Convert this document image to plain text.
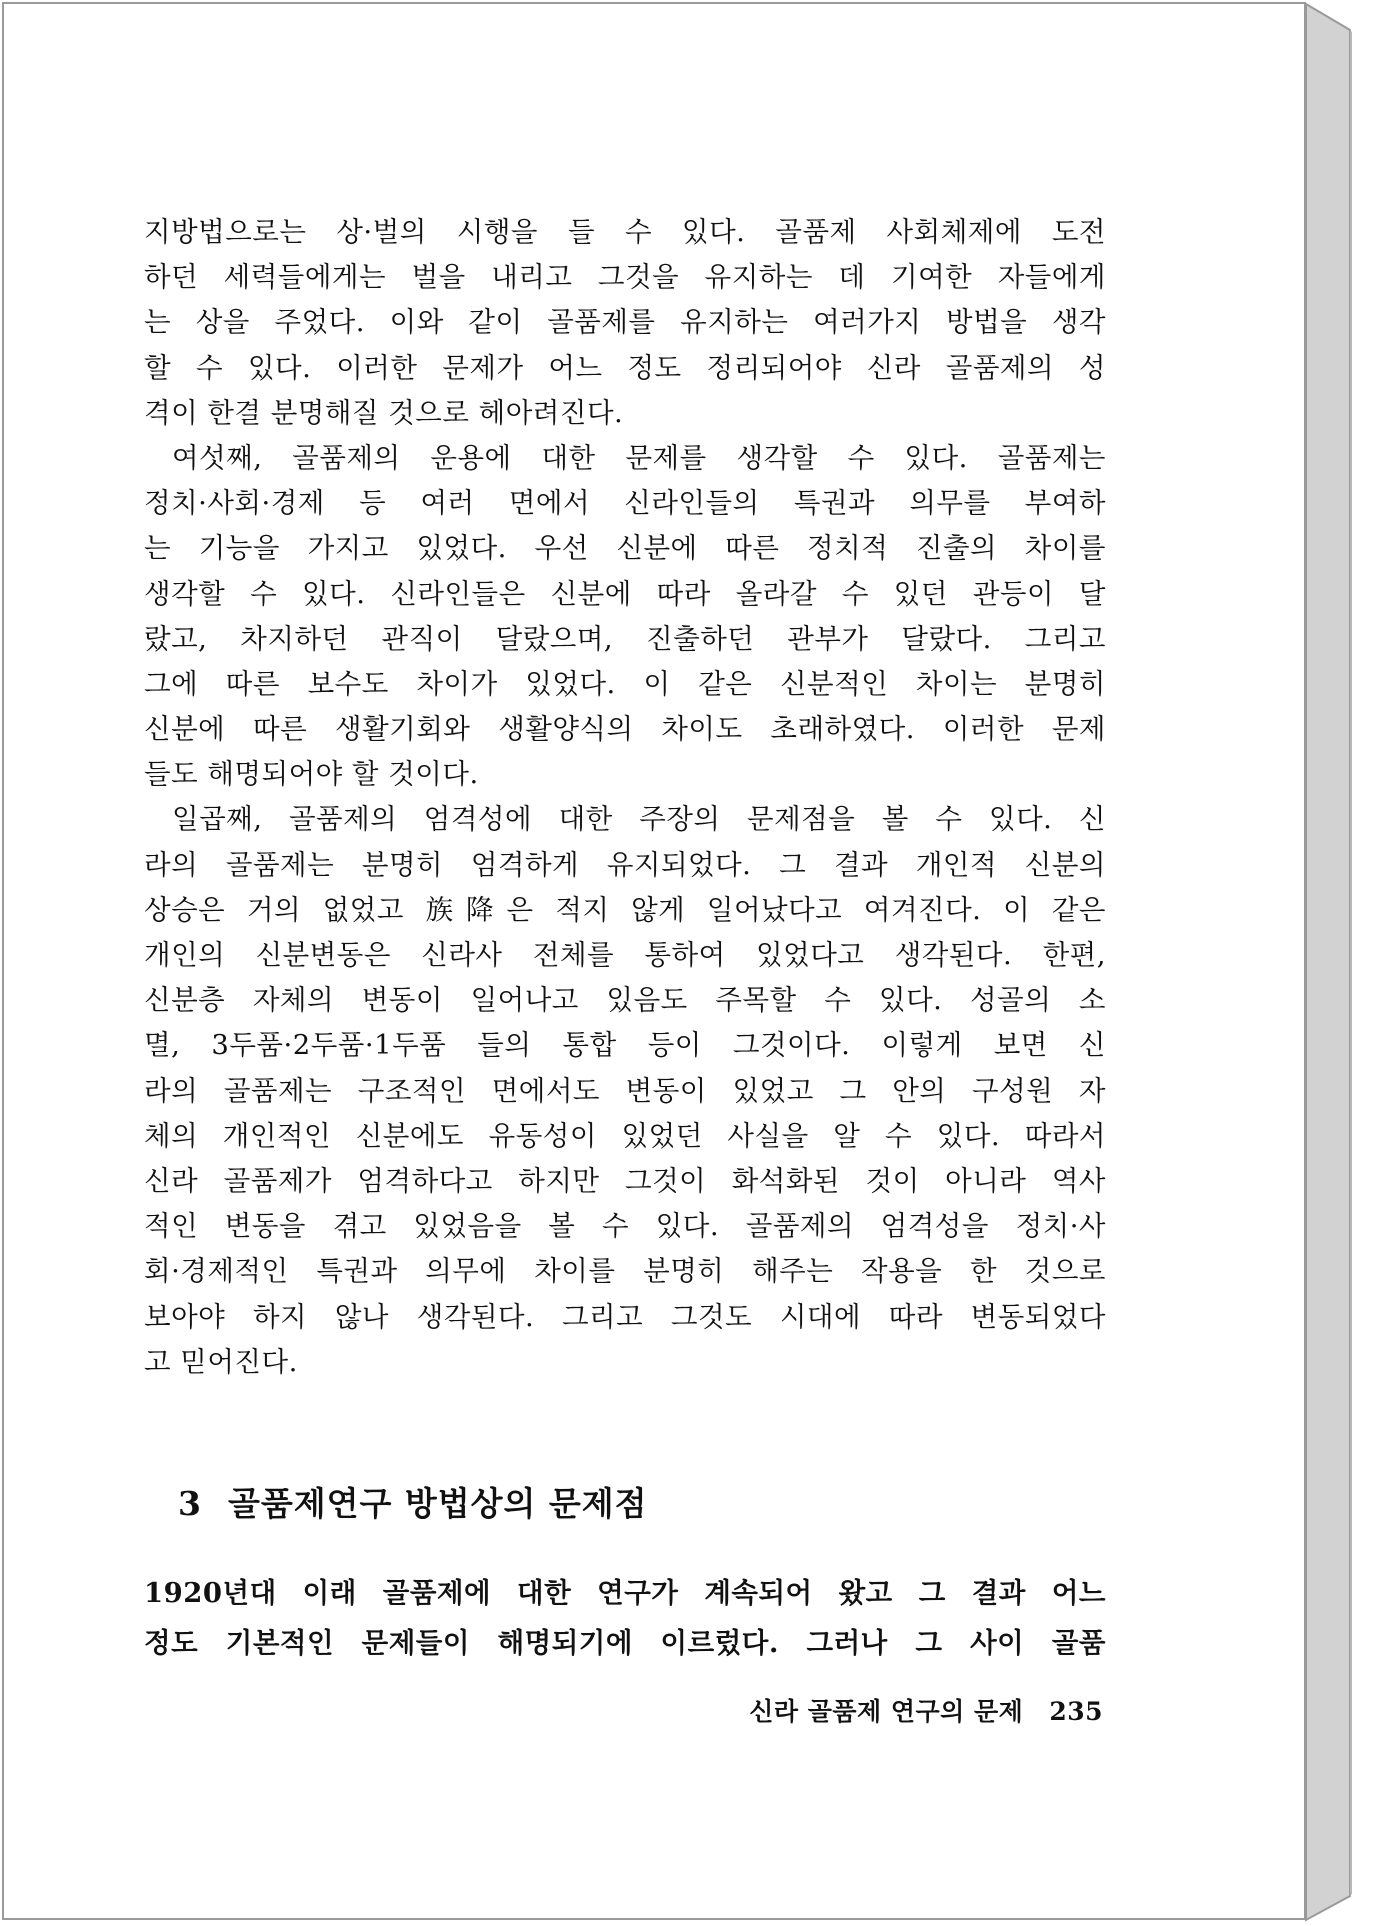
지방법으로는 상·벌의 시행을 들 수 있다. 골품제 사회체제에 도전
하던 세력들에게는 벌을 내리고 그것을 유지하는 데 기여한 자들에게
는 상을 주었다. 이와 같이 골품제를 유지하는 여러가지 방법을 생각
할 수 있다. 이러한 문제가 어느 정도 정리되어야 신라 골품제의 성
격이 한결 분명해질 것으로 헤아려진다.
여섯째, 골품제의 운용에 대한 문제를 생각할 수 있다. 골품제는
정치·사회·경제 등 여러 면에서 신라인들의 특권과 의무를 부여하
는 기능을 가지고 있었다. 우선 신분에 따른 정치적 진출의 차이를
생각할 수 있다. 신라인들은 신분에 따라 올라갈 수 있던 관등이 달
랐고, 차지하던 관직이 달랐으며, 진출하던 관부가 달랐다. 그리고
그에 따른 보수도 차이가 있었다. 이 같은 신분적인 차이는 분명히
신분에 따른 생활기회와 생활양식의 차이도 초래하였다. 이러한 문제
들도 해명되어야 할 것이다.
일곱째, 골품제의 엄격성에 대한 주장의 문제점을 볼 수 있다. 신
라의 골품제는 분명히 엄격하게 유지되었다. 그 결과 개인적 신분의
상승은 거의 없었고 族降은 적지 않게 일어났다고 여겨진다. 이 같은
개인의 신분변동은 신라사 전체를 통하여 있었다고 생각된다. 한편,
신분층 자체의 변동이 일어나고 있음도 주목할 수 있다. 성골의 소
멸, 3두품·2두품·1두품 들의 통합 등이 그것이다. 이렇게 보면 신
라의 골품제는 구조적인 면에서도 변동이 있었고 그 안의 구성원 자
체의 개인적인 신분에도 유동성이 있었던 사실을 알 수 있다. 따라서
신라 골품제가 엄격하다고 하지만 그것이 화석화된 것이 아니라 역사
적인 변동을 겪고 있었음을 볼 수 있다. 골품제의 엄격성을 정치·사
회·경제적인 특권과 의무에 차이를 분명히 해주는 작용을 한 것으로
보아야 하지 않나 생각된다. 그리고 그것도 시대에 따라 변동되었다
고 믿어진다.
3 골품제연구 방법상의 문제점
1920년대 이래 골품제에 대한 연구가 계속되어 왔고 그 결과 어느
정도 기본적인 문제들이 해명되기에 이르렀다. 그러나 그 사이 골품
신라 골품제 연구의 문제 235
